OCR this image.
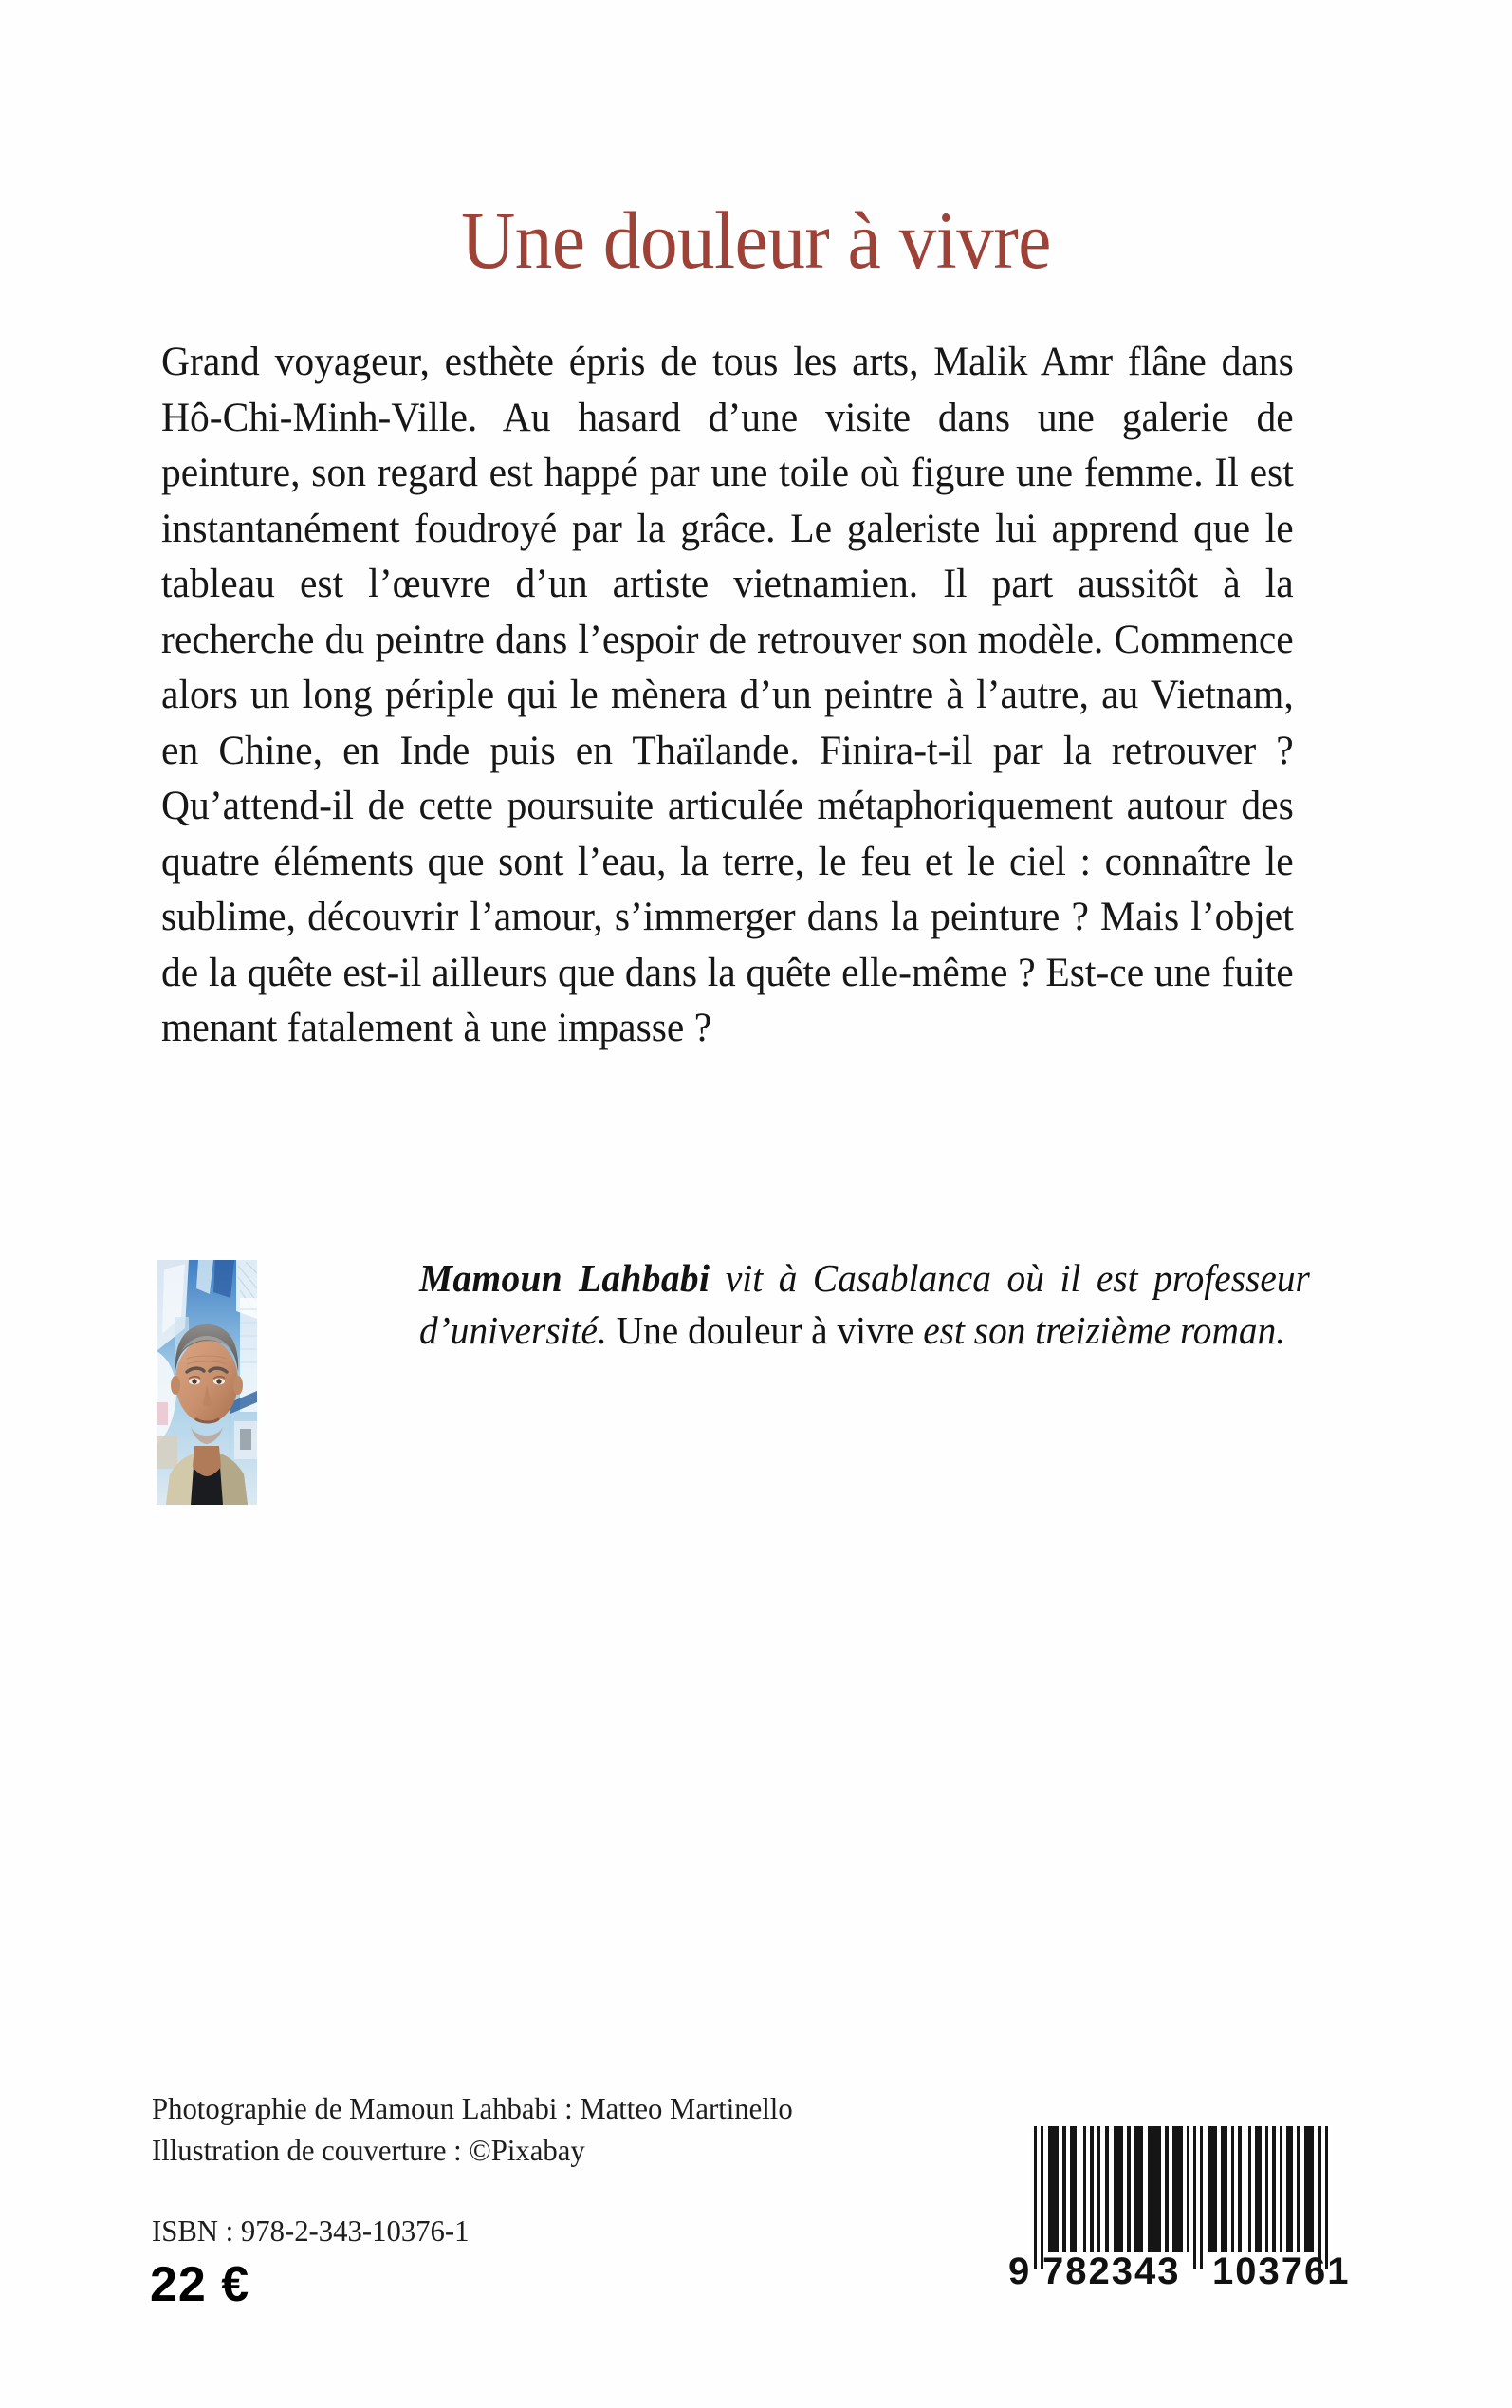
Une douleur à vivre

Grand voyageur, esthète épris de tous les arts, Malik Amr flâne dans Hô-Chi-Minh-Ville. Au hasard d’une visite dans une galerie de peinture, son regard est happé par une toile où figure une femme. Il est instantanément foudroyé par la grâce. Le galeriste lui apprend que le tableau est l’œuvre d’un artiste vietnamien. Il part aussitôt à la recherche du peintre dans l’espoir de retrouver son modèle. Commence alors un long périple qui le mènera d’un peintre à l’autre, au Vietnam, en Chine, en Inde puis en Thaïlande. Finira-t-il par la retrouver ? Qu’attend-il de cette poursuite articulée métaphoriquement autour des quatre éléments que sont l’eau, la terre, le feu et le ciel : connaître le sublime, découvrir l’amour, s’immerger dans la peinture ? Mais l’objet de la quête est-il ailleurs que dans la quête elle-même ? Est-ce une fuite menant fatalement à une impasse ?

Mamoun Lahbabi vit à Casablanca où il est professeur d’université. Une douleur à vivre est son treizième roman.
Photographie de Mamoun Lahbabi : Matteo Martinello
Illustration de couverture : ©Pixabay
ISBN : 978-2-343-10376-1
22 €	9 782343 103761
